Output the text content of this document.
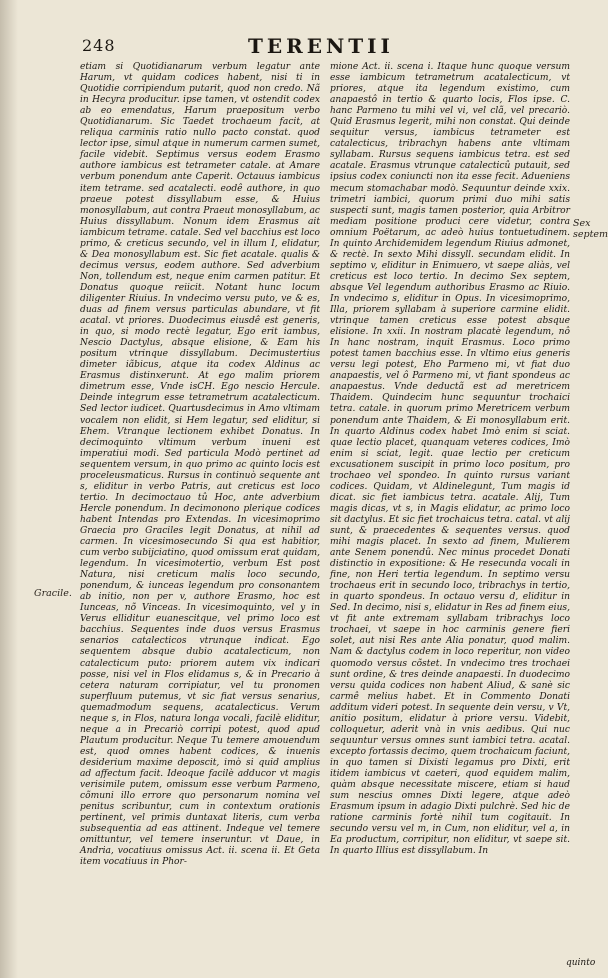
248	TERENTII

etiam si Quotidianarum verbum legatur ante Harum, vt quidam codices habent, nisi ti in Quotidie corripiendum putarit, quod non credo. Nã in Hecyra producitur. ipse tamen, vt ostendit codex ab eo emendatus, Harum praepositum verbo Quotidianarum. Sic Taedet trochaeum facit, at reliqua carminis ratio nullo pacto constat. quod lector ipse, simul atque in numerum carmen sumet, facile videbit. Septimus versus eodem Erasmo authore iambicus est tetrameter catale. at Amare verbum ponendum ante Caperit. Octauus iambicus item tetrame. sed acatalecti. eodê authore, in quo praeue potest dissyllabum esse, & Huius monosyllabum, aut contra Praeut monosyllabum, ac Huius dissyllabum. Nonum idem Erasmus ait iambicum tetrame. catale. Sed vel bacchius est loco primo, & creticus secundo, vel in illum I, elidatur, & Dea monosyllabum est. Sic fiet acatale. qualis & decimus versus, eodem authore. Sed adverbium Non, tollendum est, neque enim carmen patitur. Et Donatus quoque reiicit. Notant hunc locum diligenter Riuius. In vndecimo versu puto, ve & es, duas ad finem versus particulas abundare, vt fit acatal. vt priores. Duodecimus eiusdê est generis, in quo, si modo rectè legatur, Ego erit iambus, Nescio Dactylus, absque elisione, & Eam his positum vtrinque dissyllabum. Decimustertius dimeter iãbicus, atque ita codex Aldinus ac Erasmus distinxerunt. At ego malim priorem dimetrum esse, Vnde isCH. Ego nescio Hercule. Deinde integrum esse tetrametrum acatalecticum. Sed lector iudicet. Quartusdecimus in Amo vltimam vocalem non elidit, si Hem legatur, sed eliditur, si Ehem. Vtranque lectionem exhibet Donatus. In decimoquinto vltimum verbum inueni est imperatiui modi. Sed particula Modò pertinet ad sequentem versum, in quo primo ac quinto locis est proceleusmaticus. Rursus in continuò sequente ant s, eliditur in verbo Patris, aut creticus est loco tertio. In decimoctauo tû Hoc, ante adverbium Hercle ponendum. In decimonono plerique codices habent Intendas pro Extendas. In vicesimoprimo Graecia pro Graciles legit Donatus, at nihil ad carmen. In vicesimosecundo Si qua est habitior, cum verbo subijciatino, quod omissum erat quidam, legendum. In vicesimotertio, verbum Est post Natura, nisi creticum malis loco secundo, ponendum, & iunceas legendum pro consonantem ab initio, non per v, authore Erasmo, hoc est Iunceas, nõ Vinceas. In vicesimoquinto, vel y in Verus elliditur euanescitque, vel primo loco est bacchius. Sequentes inde duos versus Erasmus senarios catalecticos vtrunque indicat. Ego sequentem absque dubio acatalecticum, non catalecticum puto: priorem autem vix indicari posse, nisi vel in Flos elidamus s, & in Precario à cetera naturam corripiatur, vel tu pronomen superfluum putemus, vt sic fiat versus senarius, quemadmodum sequens, acatalecticus. Verum neque s, in Flos, natura longa vocali, facilè eliditur, neque a in Precariò corripi potest, quod apud Plautum producitur. Neque Tu temere amouendum est, quod omnes habent codices, & inuenis desiderium maxime deposcit, imò si quid amplius ad affectum facit. Ideoque facilè adducor vt magis verisimile putem, omissum esse verbum Parmeno, cõmuni illo errore quo personarum nomina vel penitus scribuntur, cum in contextum orationis pertinent, vel primis duntaxat literis, cum verba subsequentia ad eas attinent. Indeque vel temere omittuntur, vel temere inseruntur. vt Daue, in Andria, vocatiuus omissus Act. ii. scena ii. Et Geta item vocatiuus in Phor-

mione Act. ii. scena i. Itaque hunc quoque versum esse iambicum tetrametrum acatalecticum, vt priores, atque ita legendum existimo, cum anapaestô in tertio & quarto locis, Flos ipse. C. hanc Parmeno tu mihi vel vi, vel clã, vel precariò. Quid Erasmus legerit, mihi non constat. Qui deinde sequitur versus, iambicus tetrameter est catalecticus, tribrachyn habens ante vltimam syllabam. Rursus sequens iambicus tetra. est sed acatale. Erasmus vtrunque catalecticû putauit, sed ipsius codex coniuncti non ita esse fecit. Adueniens mecum stomachabar modò. Sequuntur deinde xxix. trimetri iambici, quorum primi duo mihi satis suspecti sunt, magis tamen posterior, quia Arbitror mediam positione produci cere videtur, contra omnium Poëtarum, ac adeò huius tontuetudinem. In quinto Archidemidem legendum Riuius admonet, & rectè. In sexto Mihi dissyll. secundam elidit. In septimo v, eliditur in Enimuero, vt saepe aliàs, vel creticus est loco tertio. In decimo Sex septem, absque Vel legendum authoribus Erasmo ac Riuio. In vndecimo s, eliditur in Opus. In vicesimoprimo, Illa, priorem syllabam à superiore carmine elidit. vtrinque tamen creticus esse potest absque elisione. In xxii. In nostram placatè legendum, nô In hanc nostram, inquit Erasmus. Loco primo potest tamen bacchius esse. In vltimo eius generis versu legi potest, Eho Parmeno mi, vt fiat duo anapaestis, vel ô Parmeno mi, vt fiant spondeus ac anapaestus. Vnde deductã est ad meretricem Thaidem. Quindecim hunc sequuntur trochaici tetra. catale. in quorum primo Meretricem verbum ponendum ante Thaidem, & Ei monosyllabum erit. In quarto Aldinus codex habet Imò enim si sciat. quae lectio placet, quanquam veteres codices, Imò enim si sciat, legit. quae lectio per creticum excusationem suscipit in primo loco positum, pro trochaeo vel spondeo. In quinto rursus variant codices. Quidam, vt Aldinelegunt, Tum magis id dicat. sic fiet iambicus tetra. acatale. Alij, Tum magis dicas, vt s, in Magis elidatur, ac primo loco sit dactylus. Et sic fiet trochaicus tetra. catal. vt alij sunt, & praecedentes & sequentes versus. quod mihi magis placet. In sexto ad finem, Mulierem ante Senem ponendû. Nec minus procedet Donati distinctio in expositione: & He resecunda vocali in fine, non Heri tertia legendum. In septimo versu trochaeus erit in secundo loco, tribrachys in tertio, in quarto spondeus. In octauo versu d, eliditur in Sed. In decimo, nisi s, elidatur in Res ad finem eius, vt fit ante extremam syllabam tribrachys loco trochaei, vt saepe in hoc carminis genere fieri solet, aut nisi Res ante Alia ponatur, quod malim. Nam & dactylus codem in loco reperitur, non video quomodo versus cõstet. In vndecimo tres trochaei sunt ordine, & tres deinde anapaesti. In duodecimo versu quida codices non habent Aliud, & sanè sic carmê melius habet. Et in Commento Donati additum videri potest. In sequente dein versu, v Vt, anitio positum, elidatur à priore versu. Videbit, colloquetur, aderit vnà in vnis aedibus. Qui nuc sequuntur versus omnes sunt iambici tetra. acatal. excepto fortassis decimo, quem trochaicum faciunt, in quo tamen si Dixisti legamus pro Dixti, erit itidem iambicus vt caeteri, quod equidem malim, quàm absque necessitate miscere, etiam si haud sum nescius omnes Dixti legere, atque adeò Erasmum ipsum in adagio Dixti pulchrè. Sed hic de ratione carminis fortè nihil tum cogitauit. In secundo versu vel m, in Cum, non eliditur, vel a, in Ea productum, corripitur, non eliditur, vt saepe sit. In quarto Illius est dissyllabum. In

Gracile.
Sex septem
quinto
